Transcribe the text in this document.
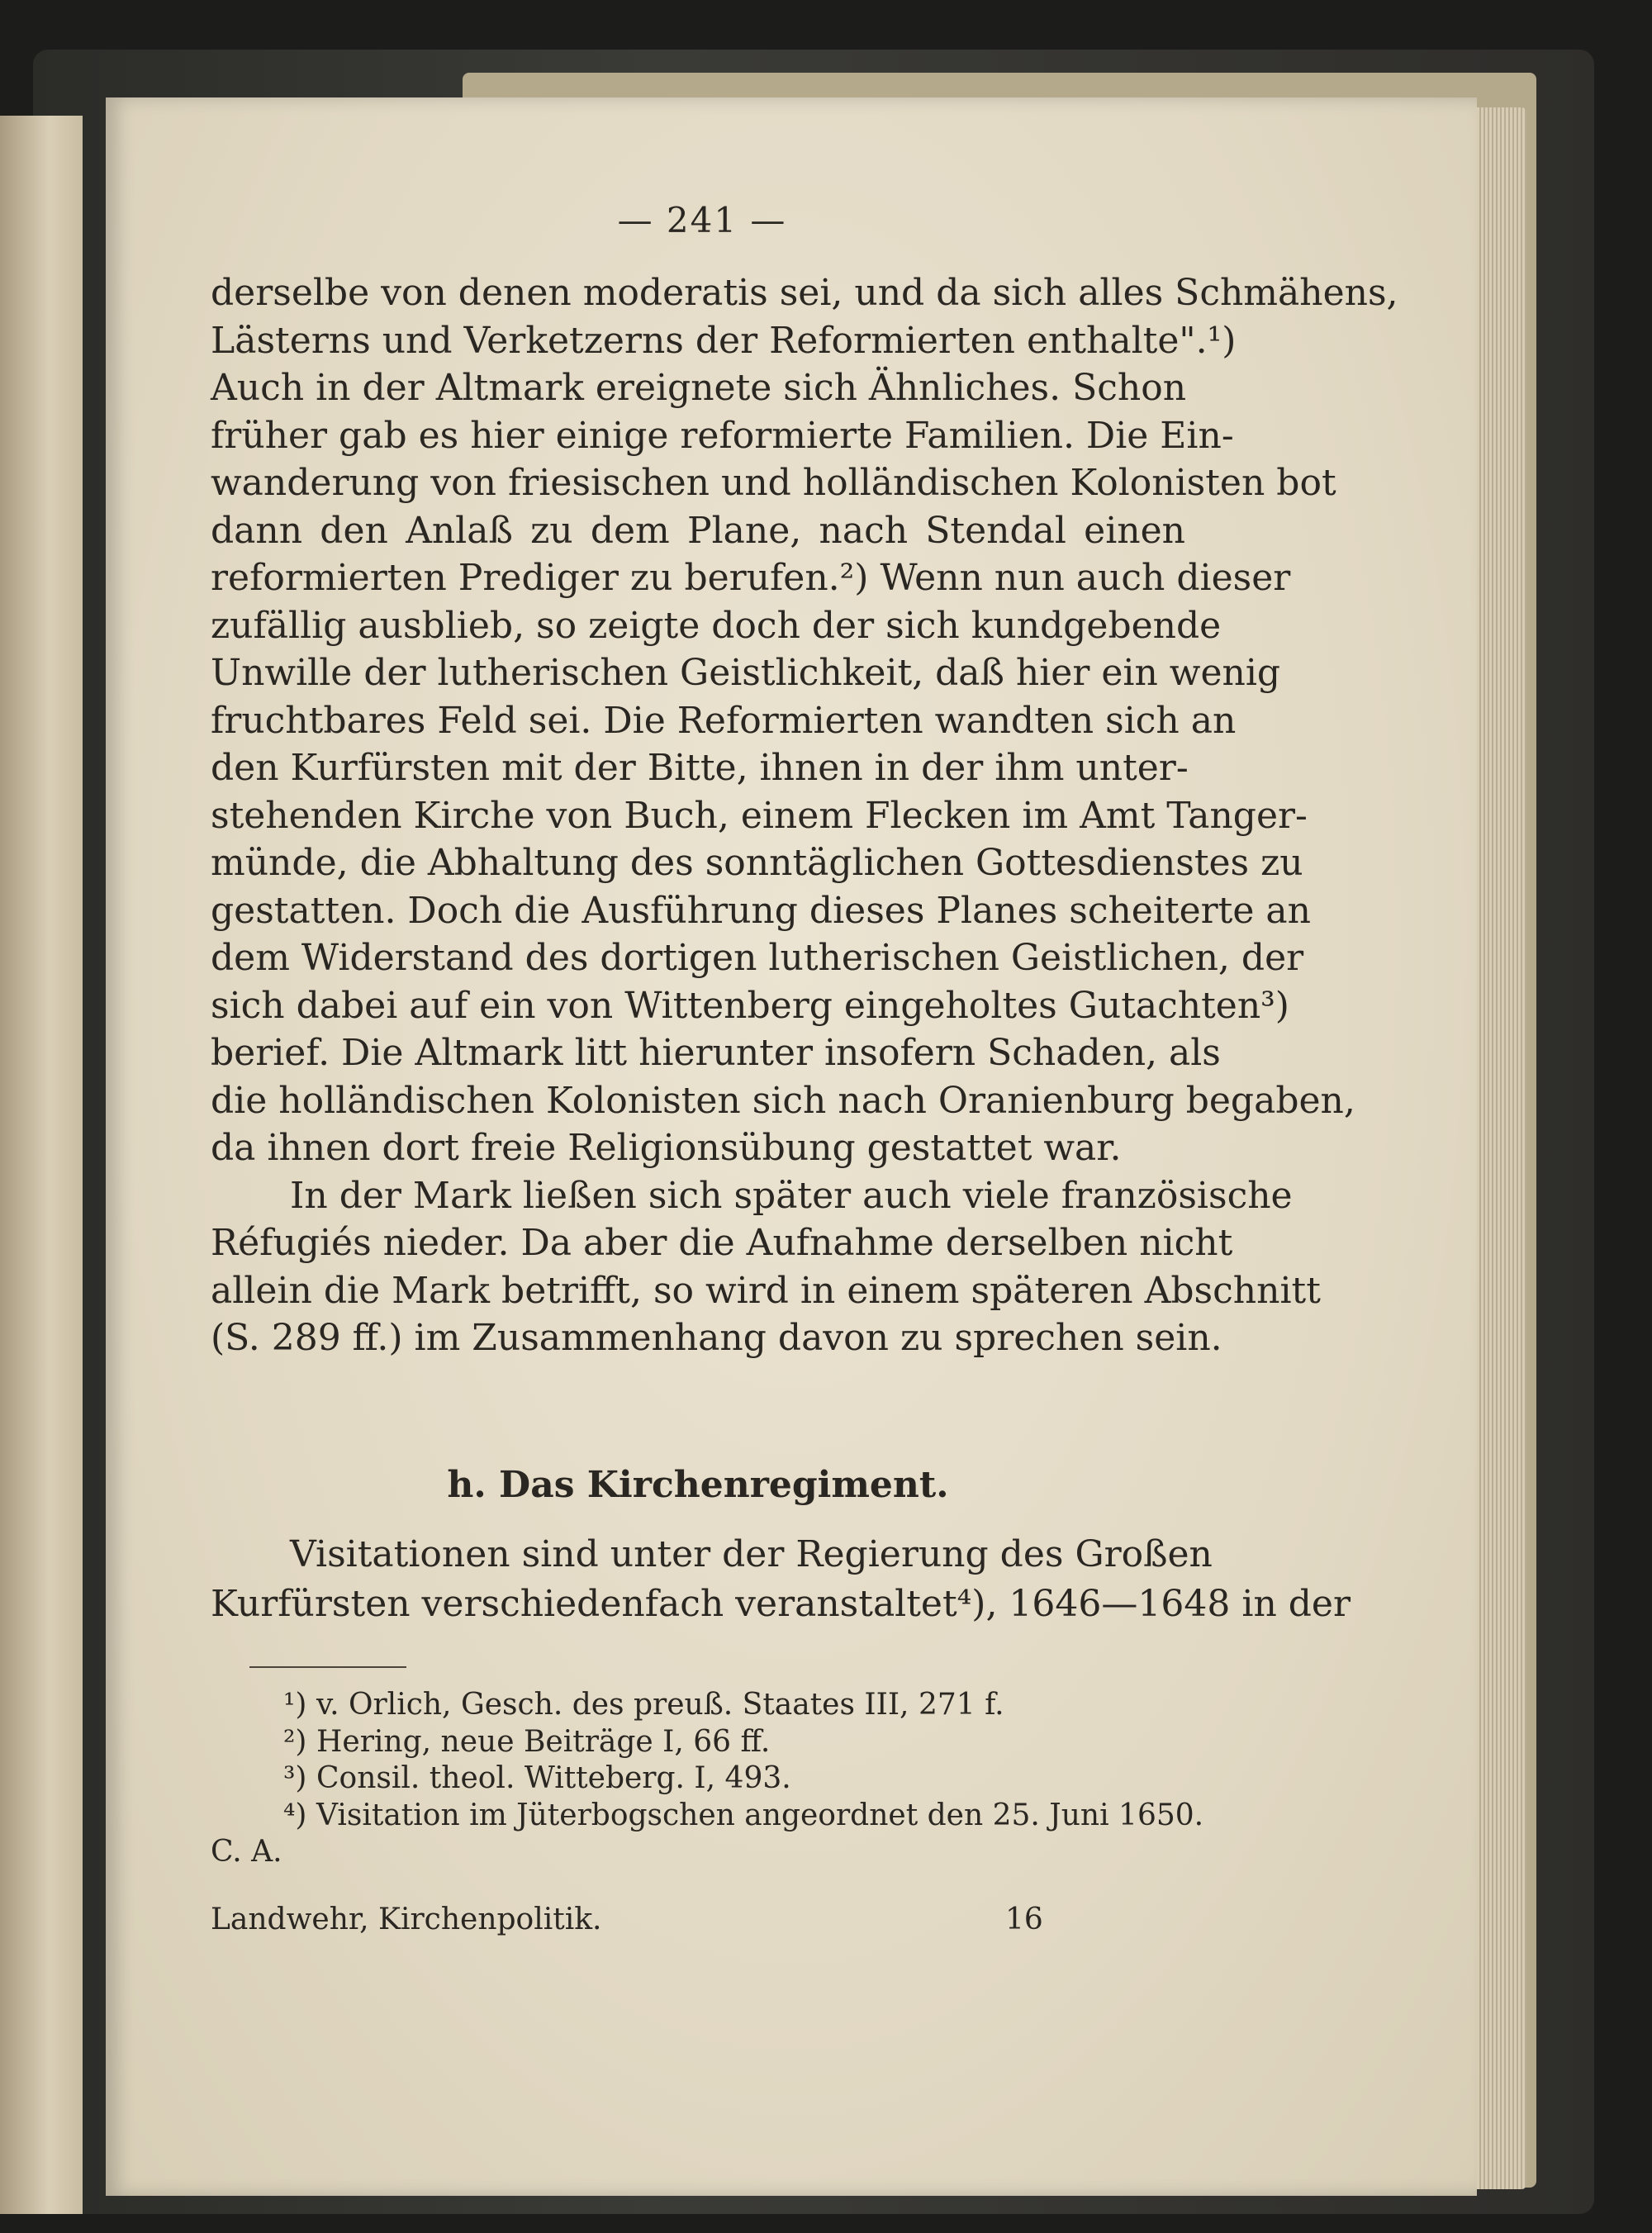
— 241 —

derselbe von denen moderatis sei, und da sich alles Schmähens,

Lästerns und Verketzerns der Reformierten enthalte".¹)

Auch in der Altmark ereignete sich Ähnliches. Schon

früher gab es hier einige reformierte Familien. Die Ein-

wanderung von friesischen und holländischen Kolonisten bot

dann den Anlaß zu dem Plane, nach Stendal einen

reformierten Prediger zu berufen.²) Wenn nun auch dieser

zufällig ausblieb, so zeigte doch der sich kundgebende

Unwille der lutherischen Geistlichkeit, daß hier ein wenig

fruchtbares Feld sei. Die Reformierten wandten sich an

den Kurfürsten mit der Bitte, ihnen in der ihm unter-

stehenden Kirche von Buch, einem Flecken im Amt Tanger-

münde, die Abhaltung des sonntäglichen Gottesdienstes zu

gestatten. Doch die Ausführung dieses Planes scheiterte an

dem Widerstand des dortigen lutherischen Geistlichen, der

sich dabei auf ein von Wittenberg eingeholtes Gutachten³)

berief. Die Altmark litt hierunter insofern Schaden, als

die holländischen Kolonisten sich nach Oranienburg begaben,

da ihnen dort freie Religionsübung gestattet war.

In der Mark ließen sich später auch viele französische

Réfugiés nieder. Da aber die Aufnahme derselben nicht

allein die Mark betrifft, so wird in einem späteren Abschnitt

(S. 289 ff.) im Zusammenhang davon zu sprechen sein.

h. Das Kirchenregiment.

Visitationen sind unter der Regierung des Großen

Kurfürsten verschiedenfach veranstaltet⁴), 1646—1648 in der

¹) v. Orlich, Gesch. des preuß. Staates III, 271 f.

²) Hering, neue Beiträge I, 66 ff.

³) Consil. theol. Witteberg. I, 493.

⁴) Visitation im Jüterbogschen angeordnet den 25. Juni 1650.

C. A.

Landwehr, Kirchenpolitik.	16
